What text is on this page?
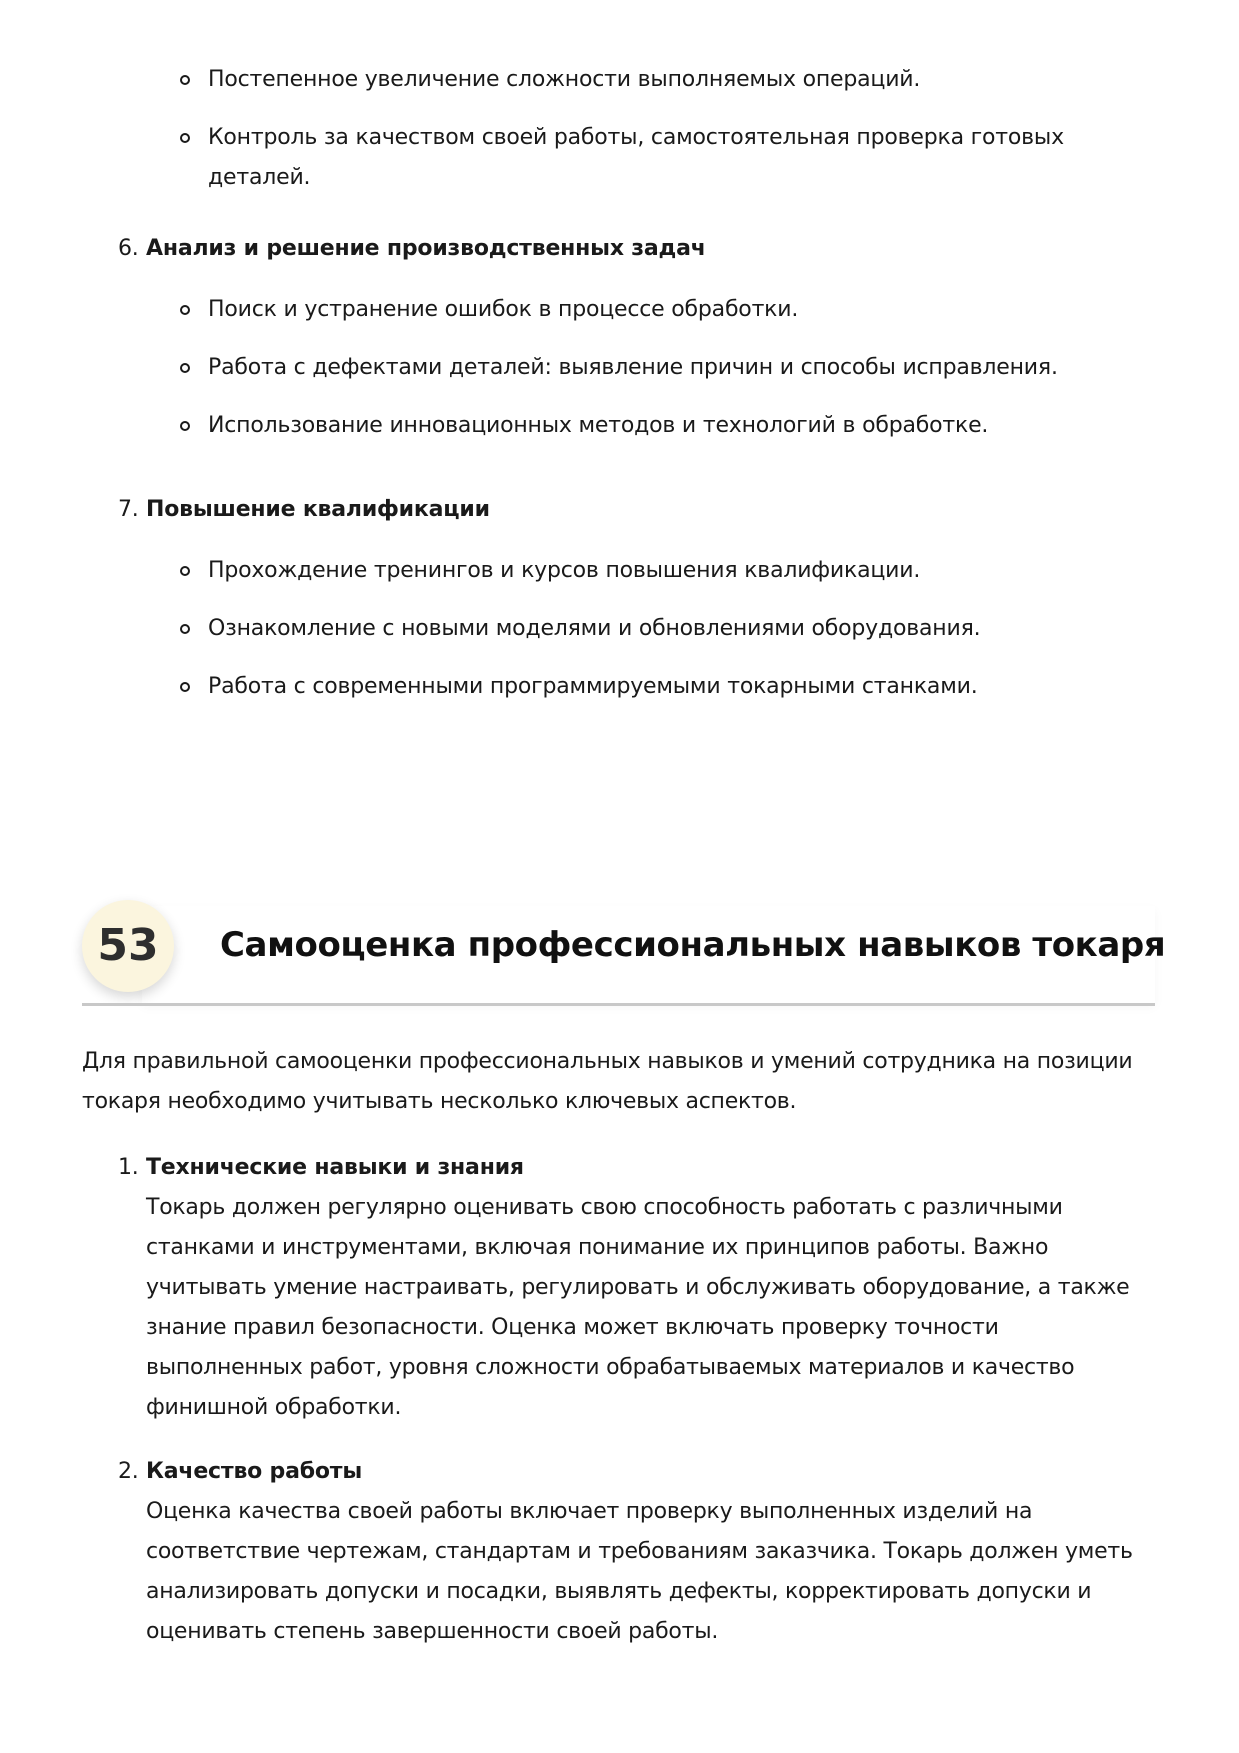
Постепенное увеличение сложности выполняемых операций.
Контроль за качеством своей работы, самостоятельная проверка готовых деталей.
6. Анализ и решение производственных задач
Поиск и устранение ошибок в процессе обработки.
Работа с дефектами деталей: выявление причин и способы исправления.
Использование инновационных методов и технологий в обработке.
7. Повышение квалификации
Прохождение тренингов и курсов повышения квалификации.
Ознакомление с новыми моделями и обновлениями оборудования.
Работа с современными программируемыми токарными станками.
53	Самооценка профессиональных навыков токаря
Для правильной самооценки профессиональных навыков и умений сотрудника на позиции токаря необходимо учитывать несколько ключевых аспектов.
1. Технические навыки и знания
Токарь должен регулярно оценивать свою способность работать с различными станками и инструментами, включая понимание их принципов работы. Важно учитывать умение настраивать, регулировать и обслуживать оборудование, а также знание правил безопасности. Оценка может включать проверку точности выполненных работ, уровня сложности обрабатываемых материалов и качество финишной обработки.
2. Качество работы
Оценка качества своей работы включает проверку выполненных изделий на соответствие чертежам, стандартам и требованиям заказчика. Токарь должен уметь анализировать допуски и посадки, выявлять дефекты, корректировать допуски и оценивать степень завершенности своей работы.
